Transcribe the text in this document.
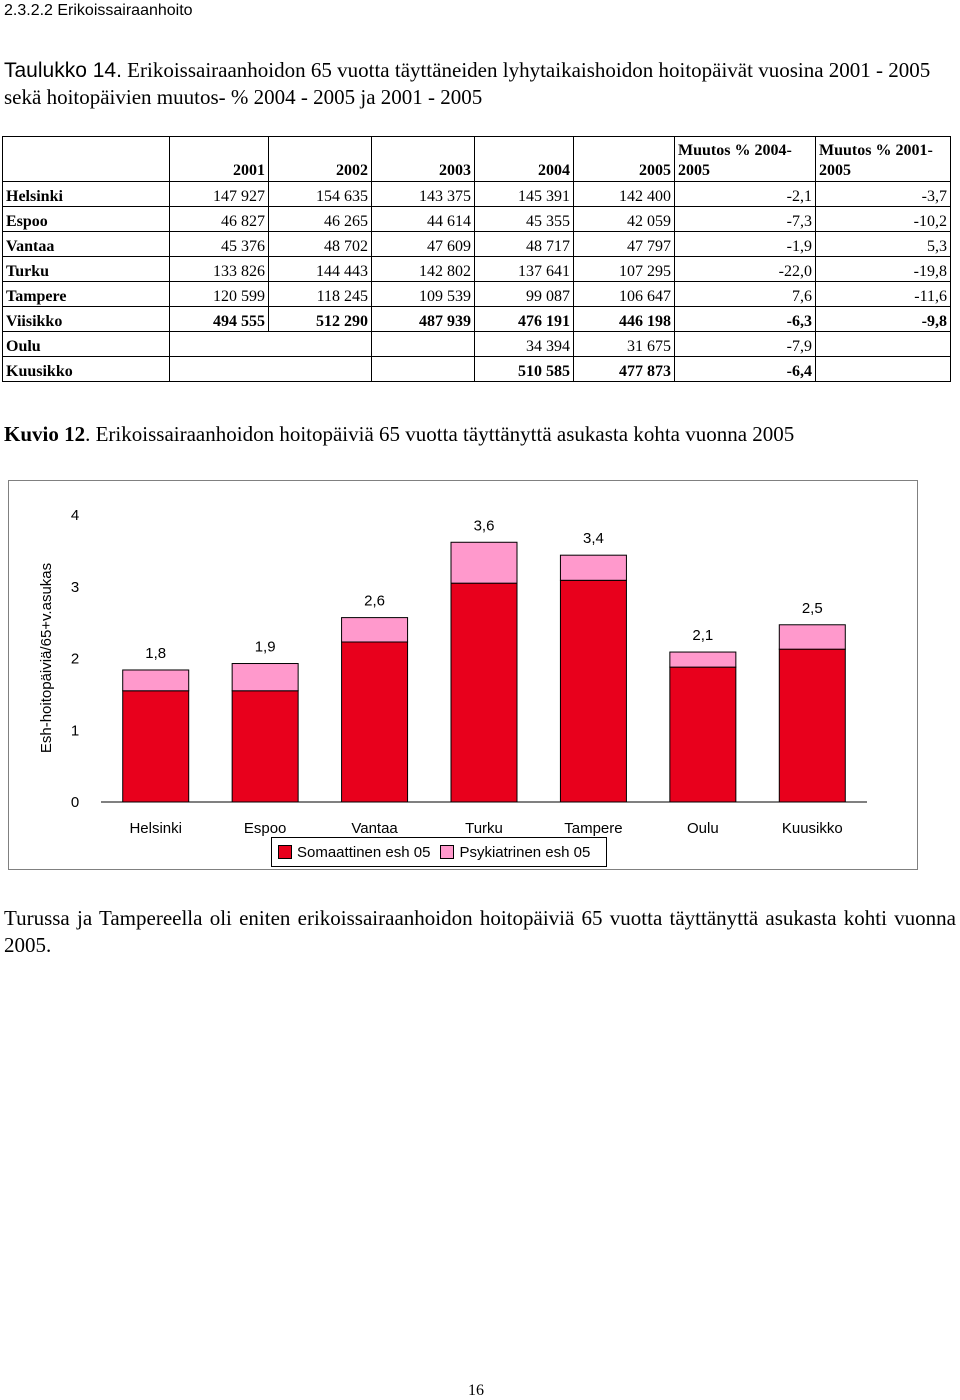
2.3.2.2 Erikoissairaanhoito
Taulukko 14. Erikoissairaanhoidon 65 vuotta täyttäneiden lyhytaikaishoidon hoitopäivät vuosina 2001 - 2005 sekä hoitopäivien muutos- % 2004 - 2005 ja 2001 - 2005
	2001	2002	2003	2004	2005	Muutos % 2004-2005	Muutos % 2001-2005
Helsinki	147 927	154 635	143 375	145 391	142 400	-2,1	-3,7
Espoo	46 827	46 265	44 614	45 355	42 059	-7,3	-10,2
Vantaa	45 376	48 702	47 609	48 717	47 797	-1,9	5,3
Turku	133 826	144 443	142 802	137 641	107 295	-22,0	-19,8
Tampere	120 599	118 245	109 539	99 087	106 647	7,6	-11,6
Viisikko	494 555	512 290	487 939	476 191	446 198	-6,3	-9,8
Oulu				34 394	31 675	-7,9	
Kuusikko				510 585	477 873	-6,4	
Kuvio 12. Erikoissairaanhoidon hoitopäiviä 65 vuotta täyttänyttä asukasta kohta vuonna 2005
0
1
2
3
4
Esh-hoitopäiviä/65+v.asukas	1,8
Helsinki
1,9
Espoo
2,6
Vantaa
3,6
Turku
3,4
Tampere
2,1
Oulu
2,5
Kuusikko
Somaattinen esh 05 Psykiatrinen esh 05
Turussa ja Tampereella oli eniten erikoissairaanhoidon hoitopäiviä 65 vuotta täyttänyttä asukasta kohti vuonna 2005.
16
